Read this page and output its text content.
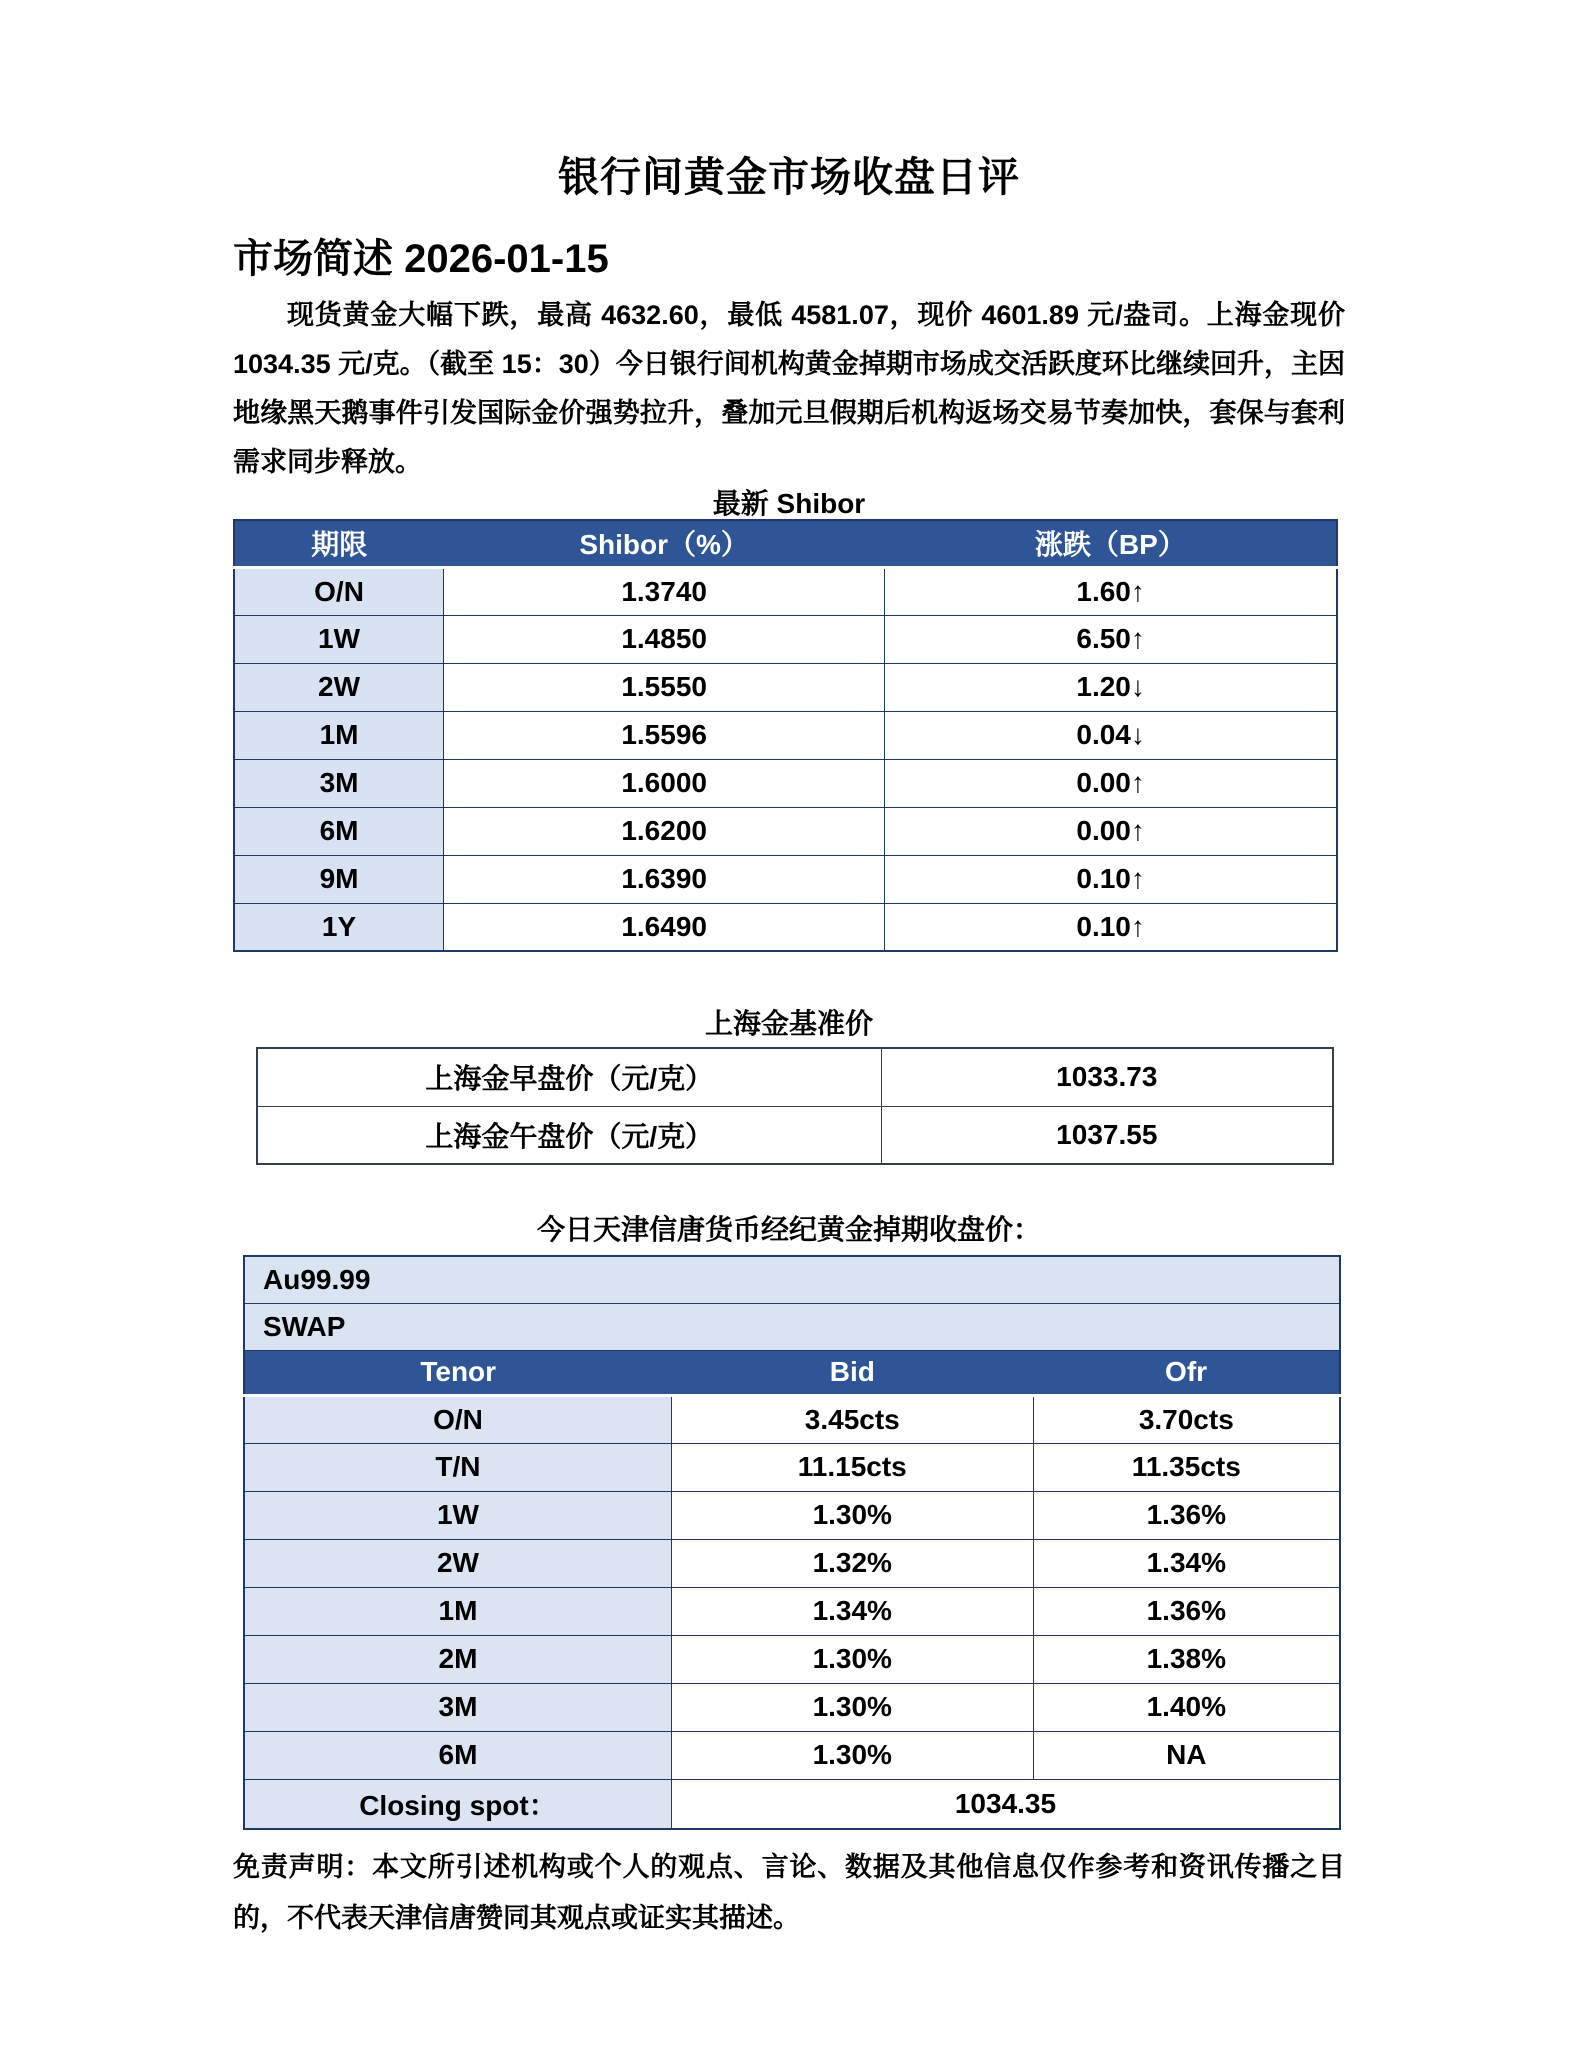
银行间黄金市场收盘日评
市场简述 2026-01-15

现货黄金大幅下跌，最高 4632.60，最低 4581.07，现价 4601.89 元/盎司。上海金现价 1034.35 元/克。（截至 15：30）今日银行间机构黄金掉期市场成交活跃度环比继续回升，主因地缘黑天鹅事件引发国际金价强势拉升，叠加元旦假期后机构返场交易节奏加快，套保与套利需求同步释放。

最新 Shibor
期限	Shibor（%）	涨跌（BP）
O/N	1.3740	1.60↑
1W	1.4850	6.50↑
2W	1.5550	1.20↓
1M	1.5596	0.04↓
3M	1.6000	0.00↑
6M	1.6200	0.00↑
9M	1.6390	0.10↑
1Y	1.6490	0.10↑
上海金基准价
上海金早盘价（元/克）	1033.73
上海金午盘价（元/克）	1037.55
今日天津信唐货币经纪黄金掉期收盘价：
Au99.99		
SWAP		
Tenor	Bid	Ofr
O/N	3.45cts	3.70cts
T/N	11.15cts	11.35cts
1W	1.30%	1.36%
2W	1.32%	1.34%
1M	1.34%	1.36%
2M	1.30%	1.38%
3M	1.30%	1.40%
6M	1.30%	NA
Closing spot：	1034.35	

免责声明：本文所引述机构或个人的观点、言论、数据及其他信息仅作参考和资讯传播之目的，不代表天津信唐赞同其观点或证实其描述。
